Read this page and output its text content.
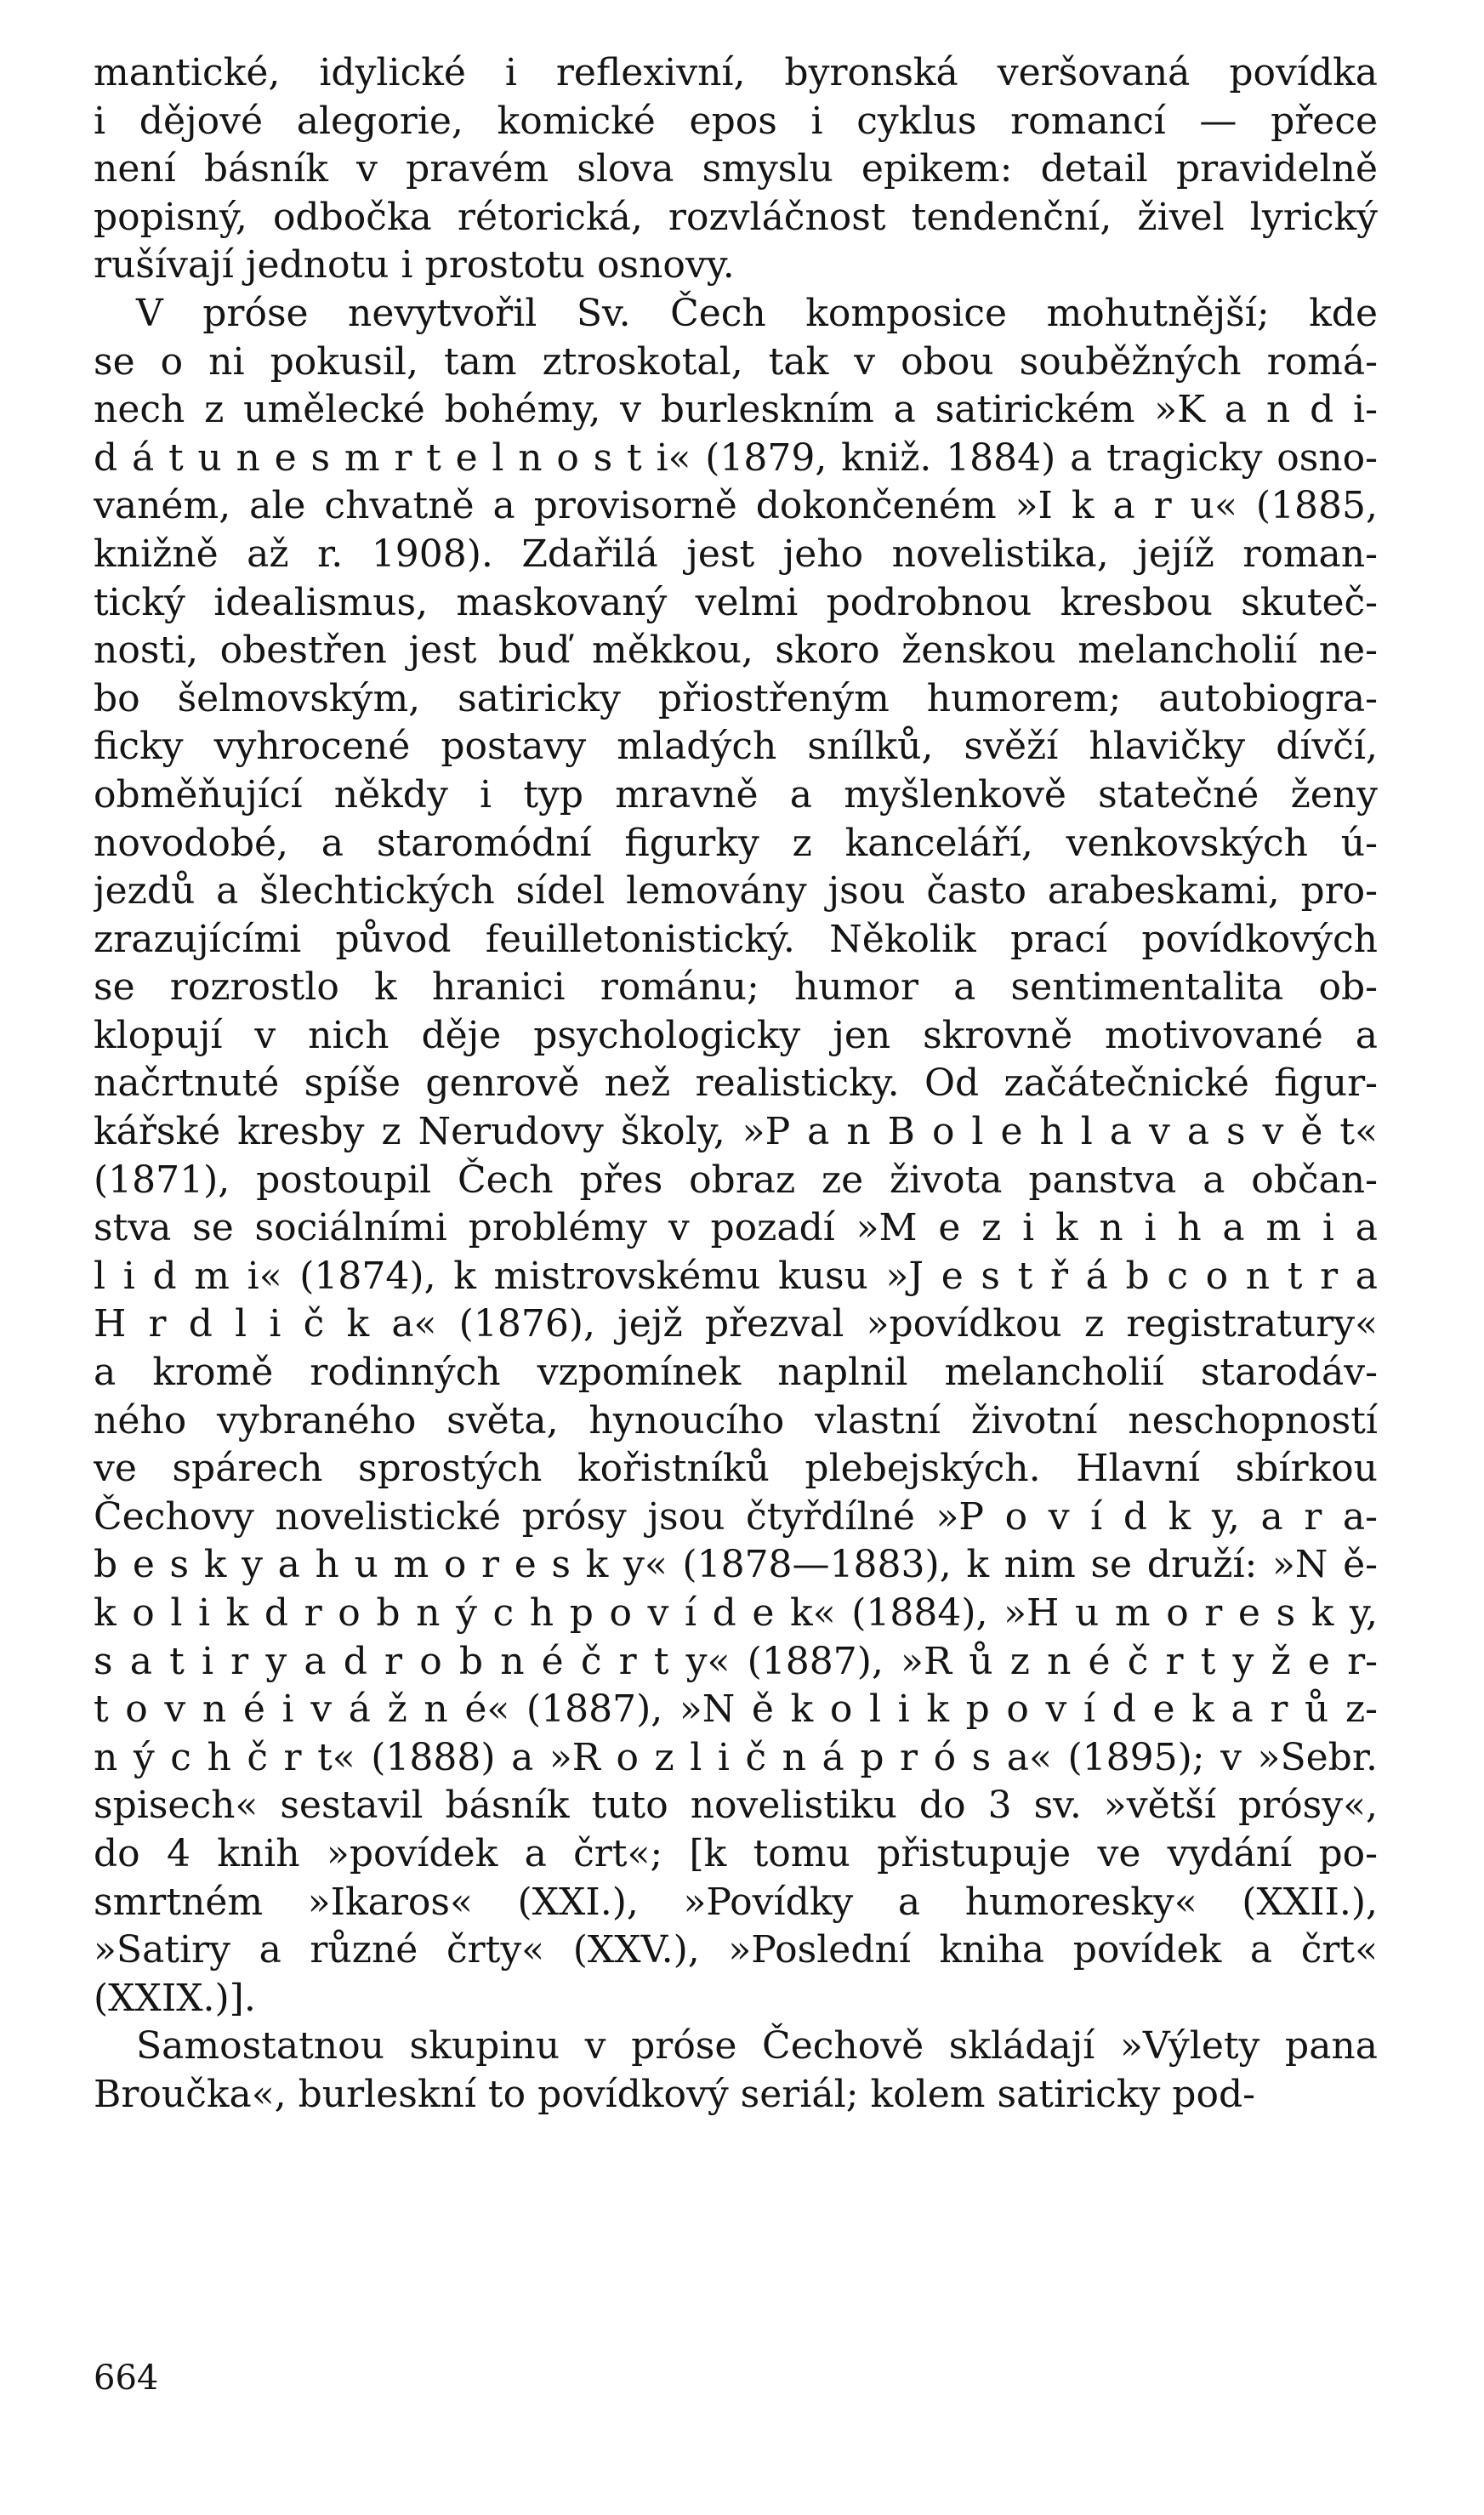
mantické, idylické i reflexivní, byronská veršovaná povídka
i dějové alegorie, komické epos i cyklus romancí — přece
není básník v pravém slova smyslu epikem: detail pravidelně
popisný, odbočka rétorická, rozvláčnost tendenční, živel lyrický
rušívají jednotu i prostotu osnovy.

V próse nevytvořil Sv. Čech komposice mohutnější; kde
se o ni pokusil, tam ztroskotal, tak v obou souběžných romá-
nech z umělecké bohémy, v burleskním a satirickém »K a n d i-
d á t u n e s m r t e l n o s t i« (1879, kniž. 1884) a tragicky osno-
vaném, ale chvatně a provisorně dokončeném »I k a r u« (1885,
knižně až r. 1908). Zdařilá jest jeho novelistika, jejíž roman-
tický idealismus, maskovaný velmi podrobnou kresbou skuteč-
nosti, obestřen jest buď měkkou, skoro ženskou melancholií ne-
bo šelmovským, satiricky přiostřeným humorem; autobiogra-
ficky vyhrocené postavy mladých snílků, svěží hlavičky dívčí,
obměňující někdy i typ mravně a myšlenkově statečné ženy
novodobé, a staromódní figurky z kanceláří, venkovských ú-
jezdů a šlechtických sídel lemovány jsou často arabeskami, pro-
zrazujícími původ feuilletonistický. Několik prací povídkových
se rozrostlo k hranici románu; humor a sentimentalita ob-
klopují v nich děje psychologicky jen skrovně motivované a
načrtnuté spíše genrově než realisticky. Od začátečnické figur-
kářské kresby z Nerudovy školy, »P a n B o l e h l a v a s v ě t«
(1871), postoupil Čech přes obraz ze života panstva a občan-
stva se sociálními problémy v pozadí »M e z i k n i h a m i a
l i d m i« (1874), k mistrovskému kusu »J e s t ř á b c o n t r a
H r d l i č k a« (1876), jejž přezval »povídkou z registratury«
a kromě rodinných vzpomínek naplnil melancholií starodáv-
ného vybraného světa, hynoucího vlastní životní neschopností
ve spárech sprostých kořistníků plebejských. Hlavní sbírkou
Čechovy novelistické prósy jsou čtyřdílné »P o v í d k y, a r a-
b e s k y a h u m o r e s k y« (1878—1883), k nim se druží: »N ě-
k o l i k d r o b n ý c h p o v í d e k« (1884), »H u m o r e s k y,
s a t i r y a d r o b n é č r t y« (1887), »R ů z n é č r t y ž e r-
t o v n é i v á ž n é« (1887), »N ě k o l i k p o v í d e k a r ů z-
n ý c h č r t« (1888) a »R o z l i č n á p r ó s a« (1895); v »Sebr.
spisech« sestavil básník tuto novelistiku do 3 sv. »větší prósy«,
do 4 knih »povídek a črt«; [k tomu přistupuje ve vydání po-
smrtném »Ikaros« (XXI.), »Povídky a humoresky« (XXII.),
»Satiry a různé črty« (XXV.), »Poslední kniha povídek a črt«
(XXIX.)].

Samostatnou skupinu v próse Čechově skládají »Výlety pana
Broučka«, burleskní to povídkový seriál; kolem satiricky pod-

664
